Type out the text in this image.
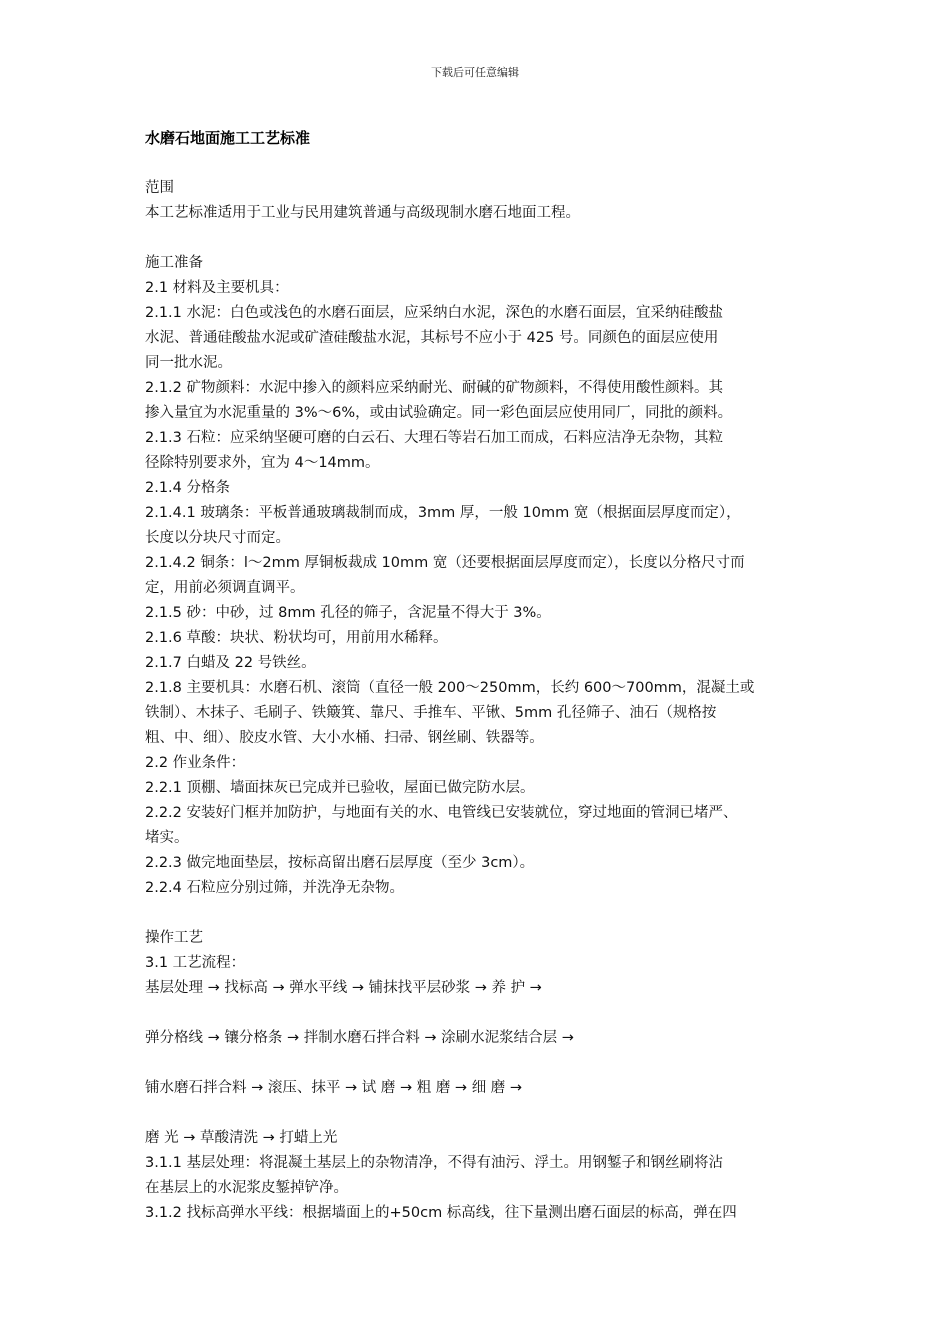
下载后可任意编辑
水磨石地面施工工艺标准

范围

本工艺标准适用于工业与民用建筑普通与高级现制水磨石地面工程。

施工准备

2.1 材料及主要机具：

2.1.1 水泥：白色或浅色的水磨石面层，应采纳白水泥，深色的水磨石面层，宜采纳硅酸盐

水泥、普通硅酸盐水泥或矿渣硅酸盐水泥，其标号不应小于 425 号。同颜色的面层应使用

同一批水泥。

2.1.2 矿物颜料：水泥中掺入的颜料应采纳耐光、耐碱的矿物颜料，不得使用酸性颜料。其

掺入量宜为水泥重量的 3%～6%，或由试验确定。同一彩色面层应使用同厂，同批的颜料。

2.1.3 石粒：应采纳坚硬可磨的白云石、大理石等岩石加工而成，石料应洁净无杂物，其粒

径除特别要求外，宜为 4～14mm。

2.1.4 分格条

2.1.4.1 玻璃条：平板普通玻璃裁制而成，3mm 厚，一般 10mm 宽（根据面层厚度而定），

长度以分块尺寸而定。

2.1.4.2 铜条：l～2mm 厚铜板裁成 10mm 宽（还要根据面层厚度而定），长度以分格尺寸而

定，用前必须调直调平。

2.1.5 砂：中砂，过 8mm 孔径的筛子，含泥量不得大于 3%。

2.1.6 草酸：块状、粉状均可，用前用水稀释。

2.1.7 白蜡及 22 号铁丝。

2.1.8 主要机具：水磨石机、滚筒（直径一般 200～250mm，长约 600～700mm，混凝土或

铁制）、木抹子、毛刷子、铁簸箕、靠尺、手推车、平锹、5mm 孔径筛子、油石（规格按

粗、中、细）、胶皮水管、大小水桶、扫帚、钢丝刷、铁器等。

2.2 作业条件：

2.2.1 顶棚、墙面抹灰已完成并已验收，屋面已做完防水层。

2.2.2 安装好门框并加防护，与地面有关的水、电管线已安装就位，穿过地面的管洞已堵严、

堵实。

2.2.3 做完地面垫层，按标高留出磨石层厚度（至少 3cm）。

2.2.4 石粒应分别过筛，并洗净无杂物。

操作工艺

3.1 工艺流程：

基层处理 → 找标高 → 弹水平线 → 铺抹找平层砂浆 → 养 护 →

弹分格线 → 镶分格条 → 拌制水磨石拌合料 → 涂刷水泥浆结合层 →

铺水磨石拌合料 → 滚压、抹平 → 试 磨 → 粗 磨 → 细 磨 →

磨 光 → 草酸清洗 → 打蜡上光

3.1.1 基层处理：将混凝土基层上的杂物清净，不得有油污、浮土。用钢錾子和钢丝刷将沾

在基层上的水泥浆皮錾掉铲净。

3.1.2 找标高弹水平线：根据墙面上的+50cm 标高线，往下量测出磨石面层的标高，弹在四
